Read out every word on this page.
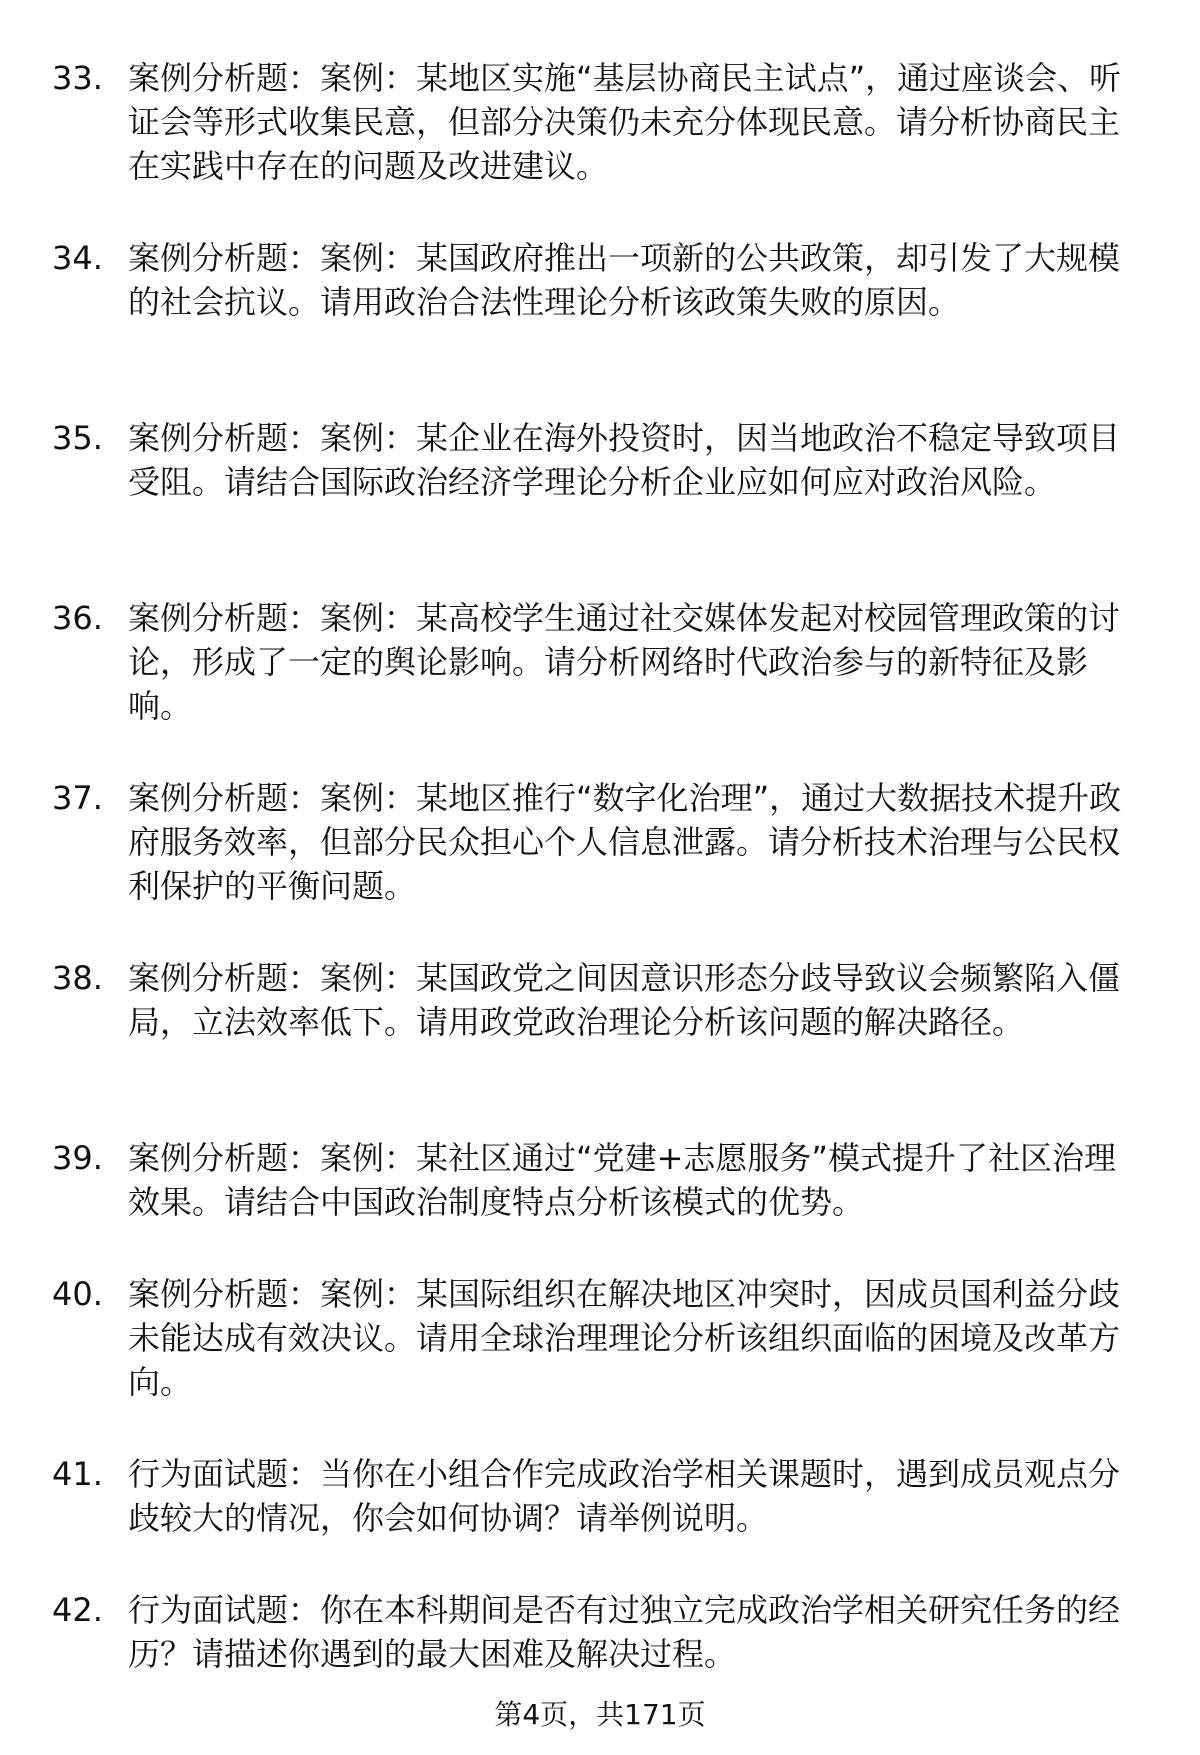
33. 案例分析题：案例：某地区实施“基层协商民主试点”，通过座谈会、听证会等形式收集民意，但部分决策仍未充分体现民意。请分析协商民主在实践中存在的问题及改进建议。
34. 案例分析题：案例：某国政府推出一项新的公共政策，却引发了大规模的社会抗议。请用政治合法性理论分析该政策失败的原因。
35. 案例分析题：案例：某企业在海外投资时，因当地政治不稳定导致项目受阻。请结合国际政治经济学理论分析企业应如何应对政治风险。
36. 案例分析题：案例：某高校学生通过社交媒体发起对校园管理政策的讨论，形成了一定的舆论影响。请分析网络时代政治参与的新特征及影响。
37. 案例分析题：案例：某地区推行“数字化治理”，通过大数据技术提升政府服务效率，但部分民众担心个人信息泄露。请分析技术治理与公民权利保护的平衡问题。
38. 案例分析题：案例：某国政党之间因意识形态分歧导致议会频繁陷入僵局，立法效率低下。请用政党政治理论分析该问题的解决路径。
39. 案例分析题：案例：某社区通过“党建+志愿服务”模式提升了社区治理效果。请结合中国政治制度特点分析该模式的优势。
40. 案例分析题：案例：某国际组织在解决地区冲突时，因成员国利益分歧未能达成有效决议。请用全球治理理论分析该组织面临的困境及改革方向。
41. 行为面试题：当你在小组合作完成政治学相关课题时，遇到成员观点分歧较大的情况，你会如何协调？请举例说明。
42. 行为面试题：你在本科期间是否有过独立完成政治学相关研究任务的经历？请描述你遇到的最大困难及解决过程。
第4页，共171页
